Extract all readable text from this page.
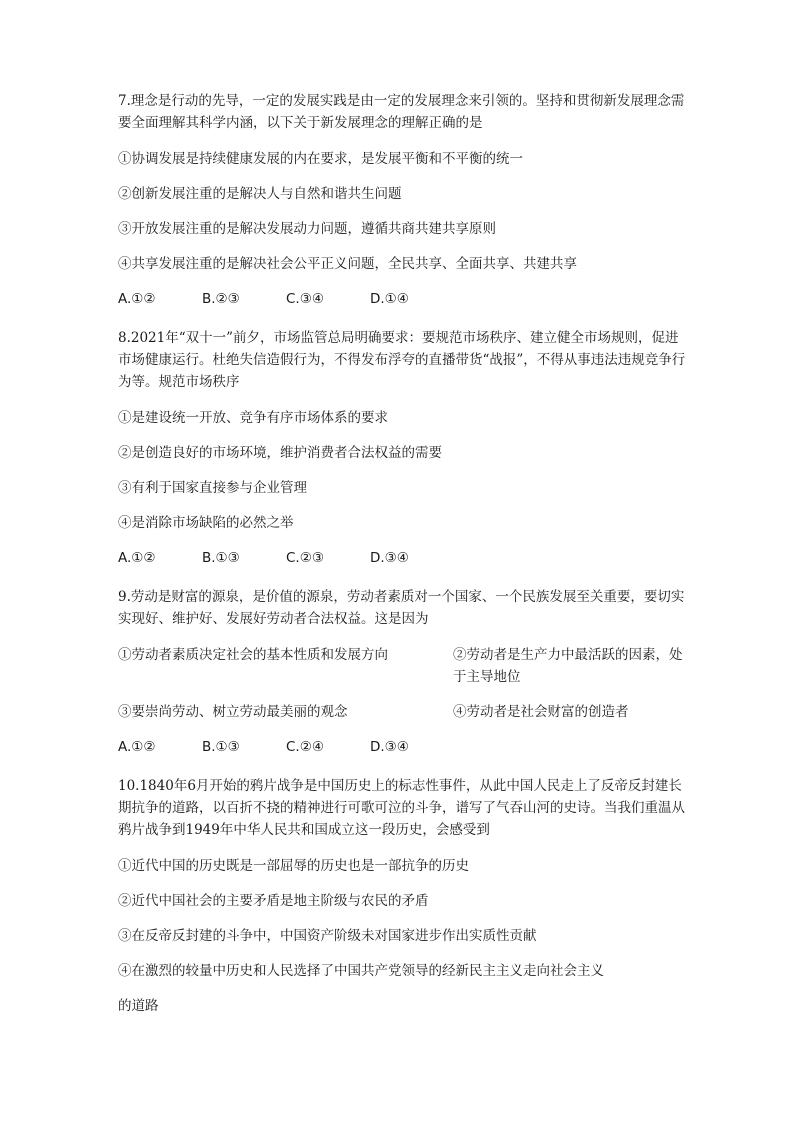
7.理念是行动的先导，一定的发展实践是由一定的发展理念来引领的。坚持和贯彻新发展理念需要全面理解其科学内涵，以下关于新发展理念的理解正确的是

①协调发展是持续健康发展的内在要求，是发展平衡和不平衡的统一

②创新发展注重的是解决人与自然和谐共生问题

③开放发展注重的是解决发展动力问题，遵循共商共建共享原则

④共享发展注重的是解决社会公平正义问题，全民共享、全面共享、共建共享

A.①②	B.②③	C.③④	D.①④

8.2021年“双十一”前夕，市场监管总局明确要求：要规范市场秩序、建立健全市场规则，促进市场健康运行。杜绝失信造假行为，不得发布浮夸的直播带货“战报”，不得从事违法违规竞争行为等。规范市场秩序

①是建设统一开放、竞争有序市场体系的要求

②是创造良好的市场环境，维护消费者合法权益的需要

③有利于国家直接参与企业管理

④是消除市场缺陷的必然之举

A.①②	B.①③	C.②③	D.③④

9.劳动是财富的源泉，是价值的源泉，劳动者素质对一个国家、一个民族发展至关重要，要切实实现好、维护好、发展好劳动者合法权益。这是因为

①劳动者素质决定社会的基本性质和发展方向	②劳动者是生产力中最活跃的因素，处于主导地位
③要崇尚劳动、树立劳动最美丽的观念	④劳动者是社会财富的创造者
A.①②	B.①③	C.②④	D.③④

10.1840年6月开始的鸦片战争是中国历史上的标志性事件，从此中国人民走上了反帝反封建长期抗争的道路，以百折不挠的精神进行可歌可泣的斗争，谱写了气吞山河的史诗。当我们重温从鸦片战争到1949年中华人民共和国成立这一段历史，会感受到

①近代中国的历史既是一部屈辱的历史也是一部抗争的历史

②近代中国社会的主要矛盾是地主阶级与农民的矛盾

③在反帝反封建的斗争中，中国资产阶级未对国家进步作出实质性贡献

④在激烈的较量中历史和人民选择了中国共产党领导的经新民主主义走向社会主义

的道路
